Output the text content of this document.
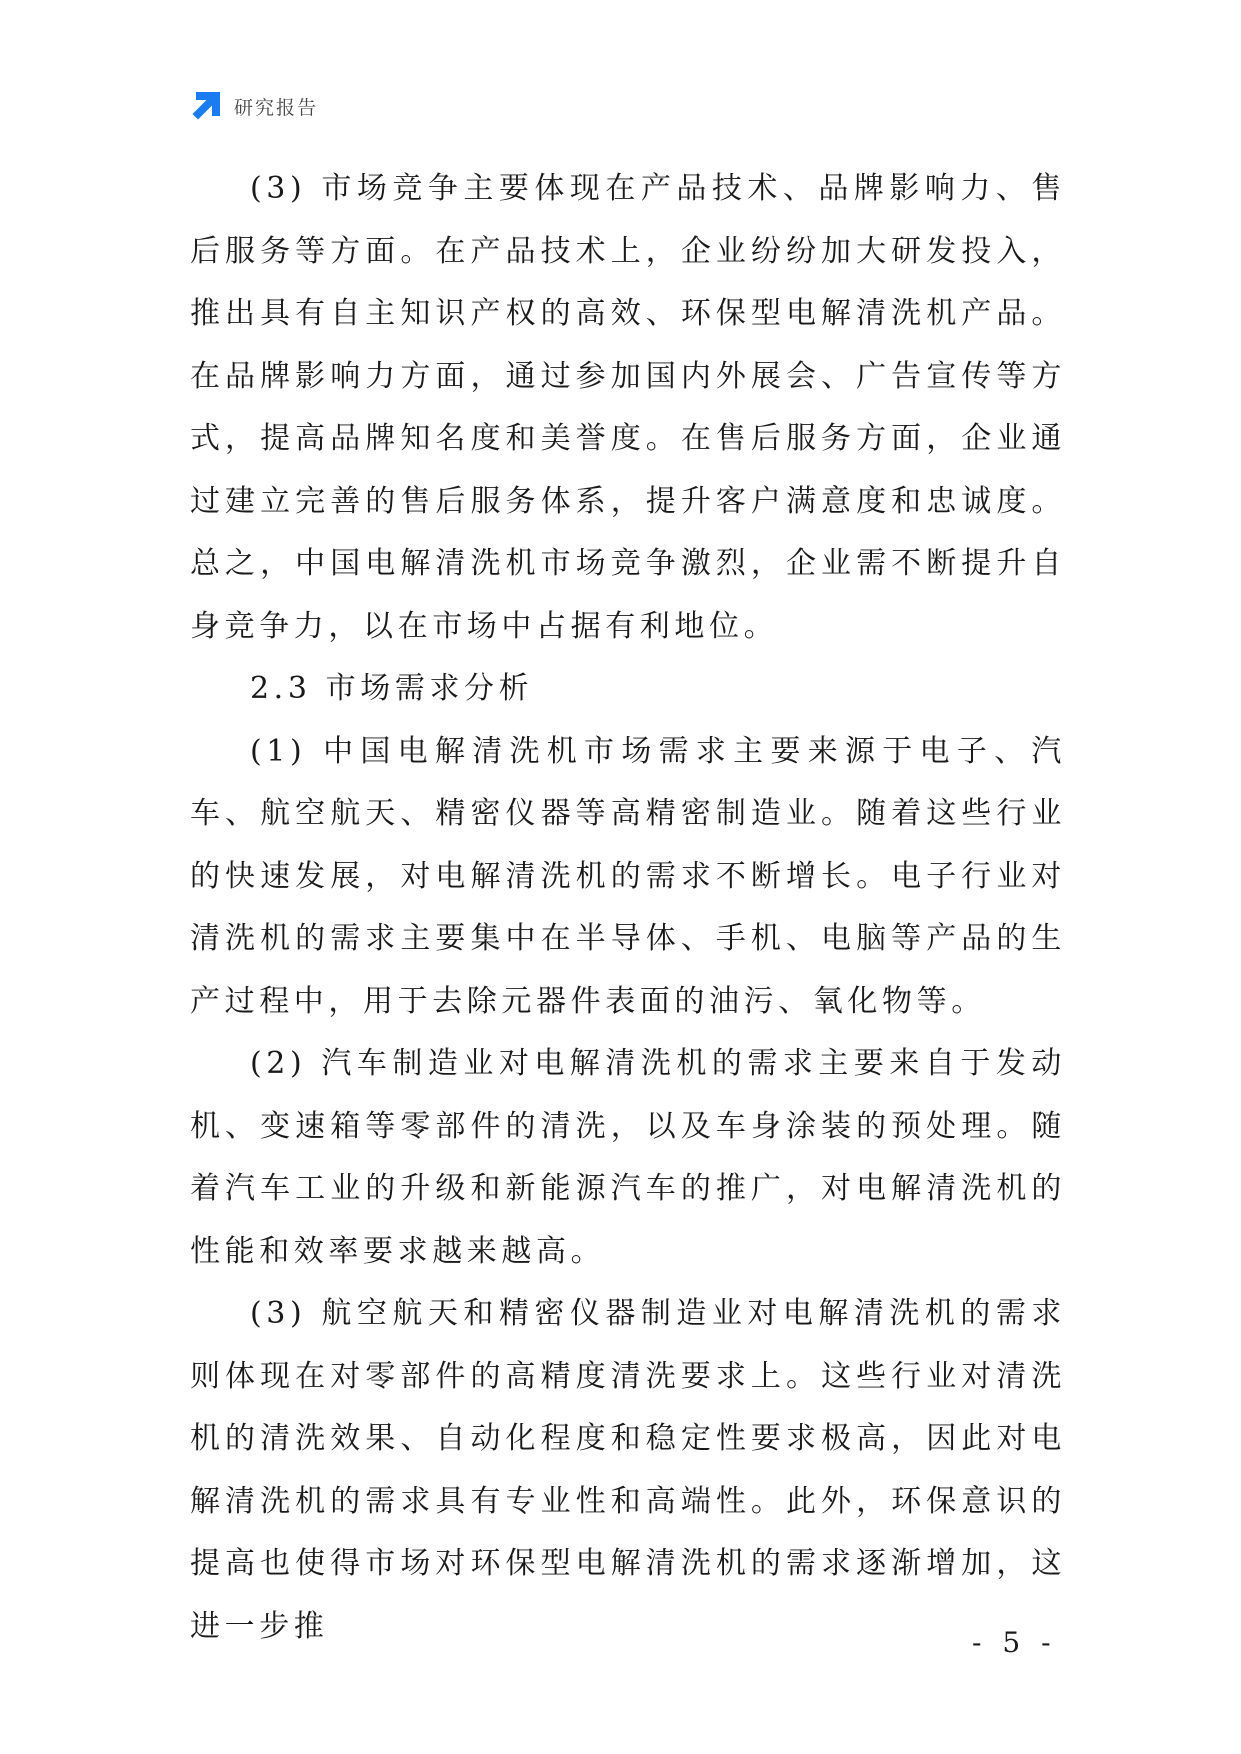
研究报告

(3) 市场竞争主要体现在产品技术、品牌影响力、售后服务等方面。在产品技术上，企业纷纷加大研发投入，推出具有自主知识产权的高效、环保型电解清洗机产品。在品牌影响力方面，通过参加国内外展会、广告宣传等方式，提高品牌知名度和美誉度。在售后服务方面，企业通过建立完善的售后服务体系，提升客户满意度和忠诚度。总之，中国电解清洗机市场竞争激烈，企业需不断提升自身竞争力，以在市场中占据有利地位。

2.3 市场需求分析

(1) 中国电解清洗机市场需求主要来源于电子、汽车、航空航天、精密仪器等高精密制造业。随着这些行业的快速发展，对电解清洗机的需求不断增长。电子行业对清洗机的需求主要集中在半导体、手机、电脑等产品的生产过程中，用于去除元器件表面的油污、氧化物等。

(2) 汽车制造业对电解清洗机的需求主要来自于发动机、变速箱等零部件的清洗，以及车身涂装的预处理。随着汽车工业的升级和新能源汽车的推广，对电解清洗机的性能和效率要求越来越高。

(3) 航空航天和精密仪器制造业对电解清洗机的需求则体现在对零部件的高精度清洗要求上。这些行业对清洗机的清洗效果、自动化程度和稳定性要求极高，因此对电解清洗机的需求具有专业性和高端性。此外，环保意识的提高也使得市场对环保型电解清洗机的需求逐渐增加，这进一步推	- 5 -
